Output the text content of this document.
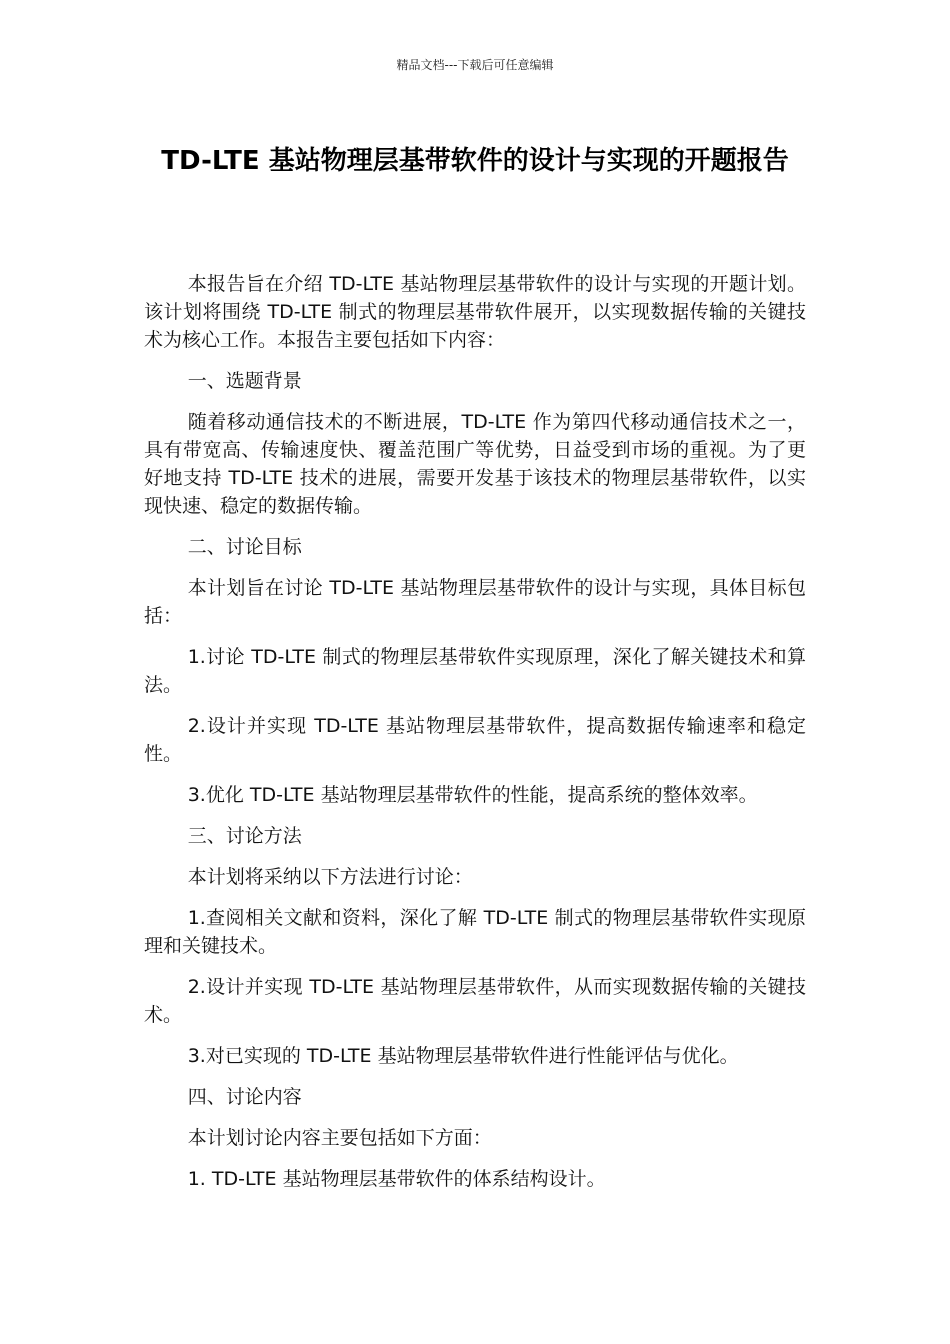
精品文档---下载后可任意编辑
TD-LTE 基站物理层基带软件的设计与实现的开题报告

本报告旨在介绍 TD-LTE 基站物理层基带软件的设计与实现的开题计划。该计划将围绕 TD-LTE 制式的物理层基带软件展开，以实现数据传输的关键技术为核心工作。本报告主要包括如下内容：

一、选题背景

随着移动通信技术的不断进展，TD-LTE 作为第四代移动通信技术之一，具有带宽高、传输速度快、覆盖范围广等优势，日益受到市场的重视。为了更好地支持 TD-LTE 技术的进展，需要开发基于该技术的物理层基带软件，以实现快速、稳定的数据传输。

二、讨论目标

本计划旨在讨论 TD-LTE 基站物理层基带软件的设计与实现，具体目标包括：

1.讨论 TD-LTE 制式的物理层基带软件实现原理，深化了解关键技术和算法。

2.设计并实现 TD-LTE 基站物理层基带软件，提高数据传输速率和稳定性。

3.优化 TD-LTE 基站物理层基带软件的性能，提高系统的整体效率。

三、讨论方法

本计划将采纳以下方法进行讨论：

1.查阅相关文献和资料，深化了解 TD-LTE 制式的物理层基带软件实现原理和关键技术。

2.设计并实现 TD-LTE 基站物理层基带软件，从而实现数据传输的关键技术。

3.对已实现的 TD-LTE 基站物理层基带软件进行性能评估与优化。

四、讨论内容

本计划讨论内容主要包括如下方面：

1. TD-LTE 基站物理层基带软件的体系结构设计。
